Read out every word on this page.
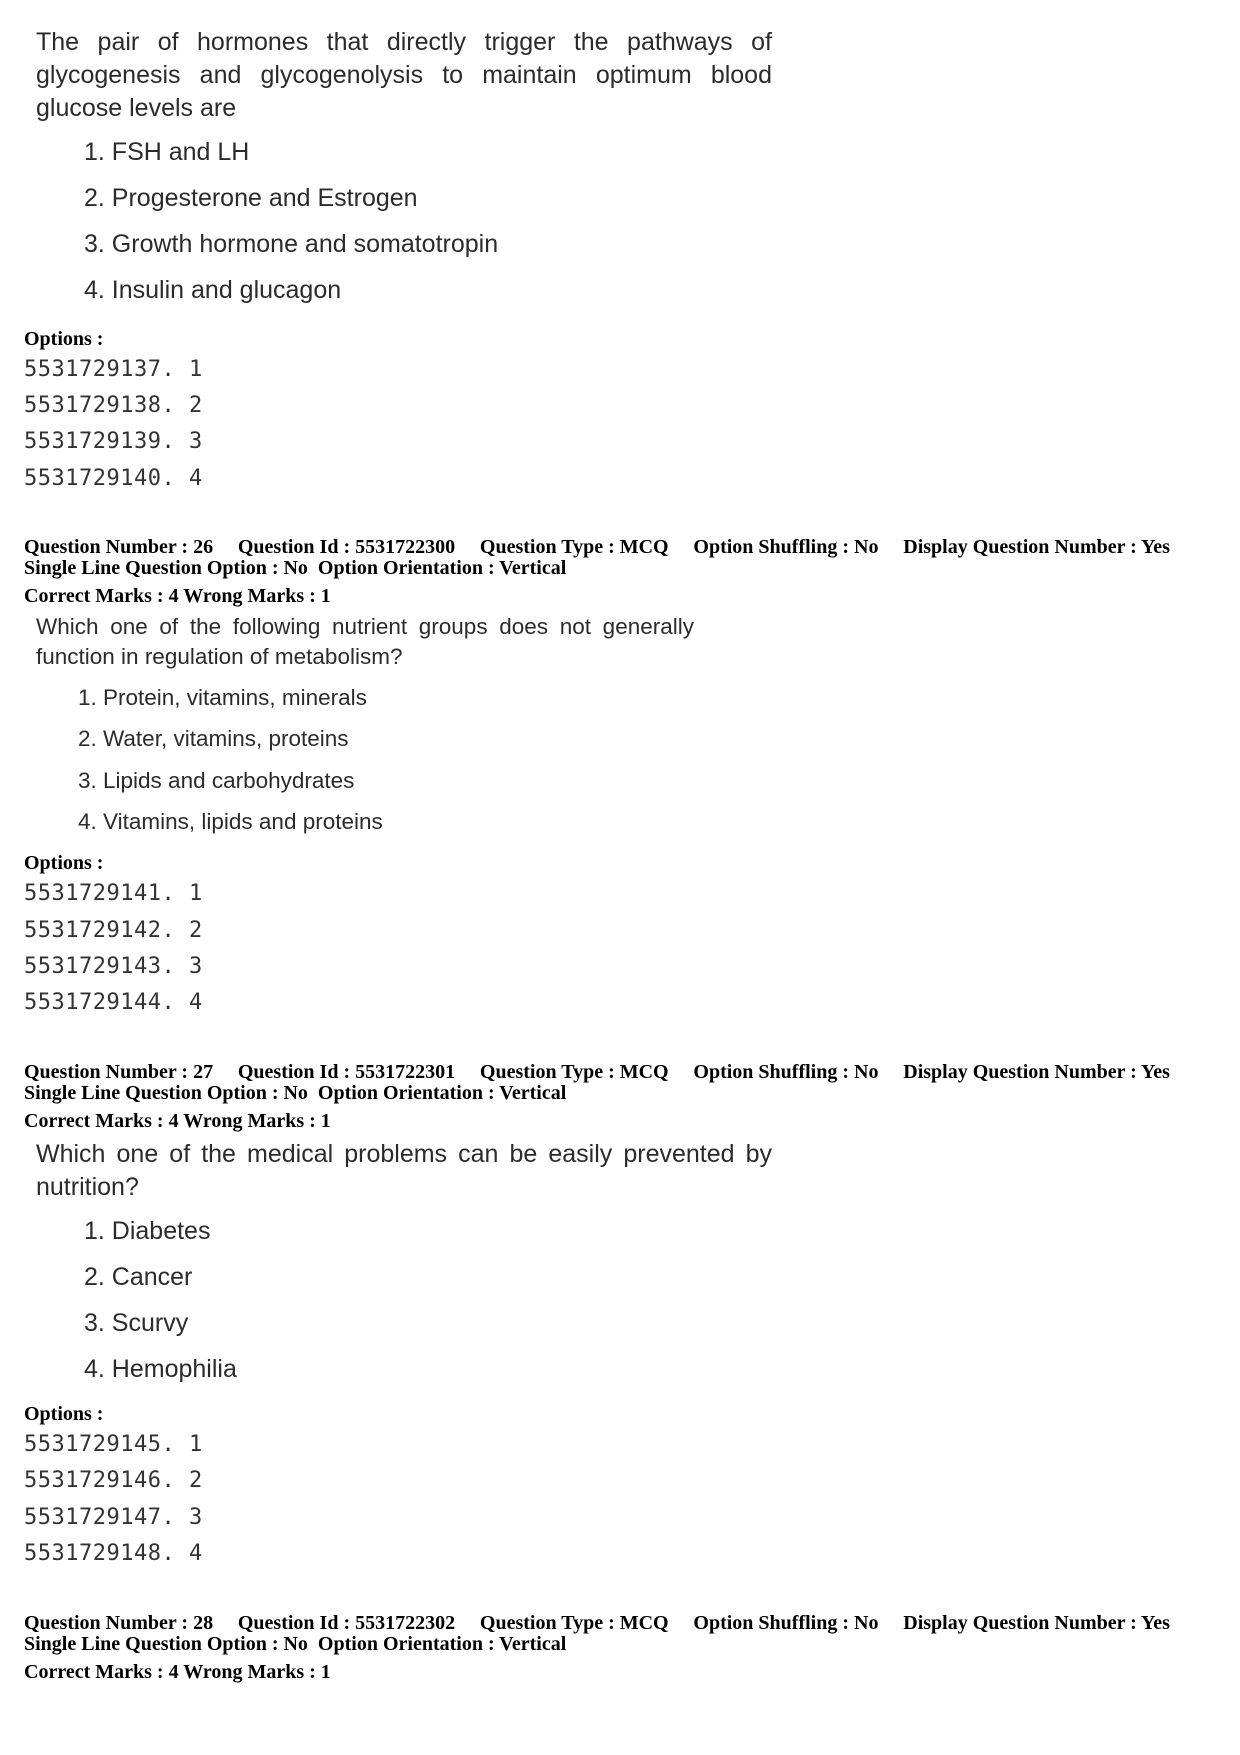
The pair of hormones that directly trigger the pathways of
glycogenesis and glycogenolysis to maintain optimum blood
glucose levels are
1. FSH and LH
2. Progesterone and Estrogen
3. Growth hormone and somatotropin
4. Insulin and glucagon
Options :
5531729137. 1
5531729138. 2
5531729139. 3
5531729140. 4
Question Number : 26 Question Id : 5531722300 Question Type : MCQ Option Shuffling : No Display Question Number : Yes
Single Line Question Option : No  Option Orientation : Vertical
Correct Marks : 4 Wrong Marks : 1
Which one of the following nutrient groups does not generally
function in regulation of metabolism?
1. Protein, vitamins, minerals
2. Water, vitamins, proteins
3. Lipids and carbohydrates
4. Vitamins, lipids and proteins
Options :
5531729141. 1
5531729142. 2
5531729143. 3
5531729144. 4
Question Number : 27 Question Id : 5531722301 Question Type : MCQ Option Shuffling : No Display Question Number : Yes
Single Line Question Option : No  Option Orientation : Vertical
Correct Marks : 4 Wrong Marks : 1
Which one of the medical problems can be easily prevented by
nutrition?
1. Diabetes
2. Cancer
3. Scurvy
4. Hemophilia
Options :
5531729145. 1
5531729146. 2
5531729147. 3
5531729148. 4
Question Number : 28 Question Id : 5531722302 Question Type : MCQ Option Shuffling : No Display Question Number : Yes
Single Line Question Option : No  Option Orientation : Vertical
Correct Marks : 4 Wrong Marks : 1
